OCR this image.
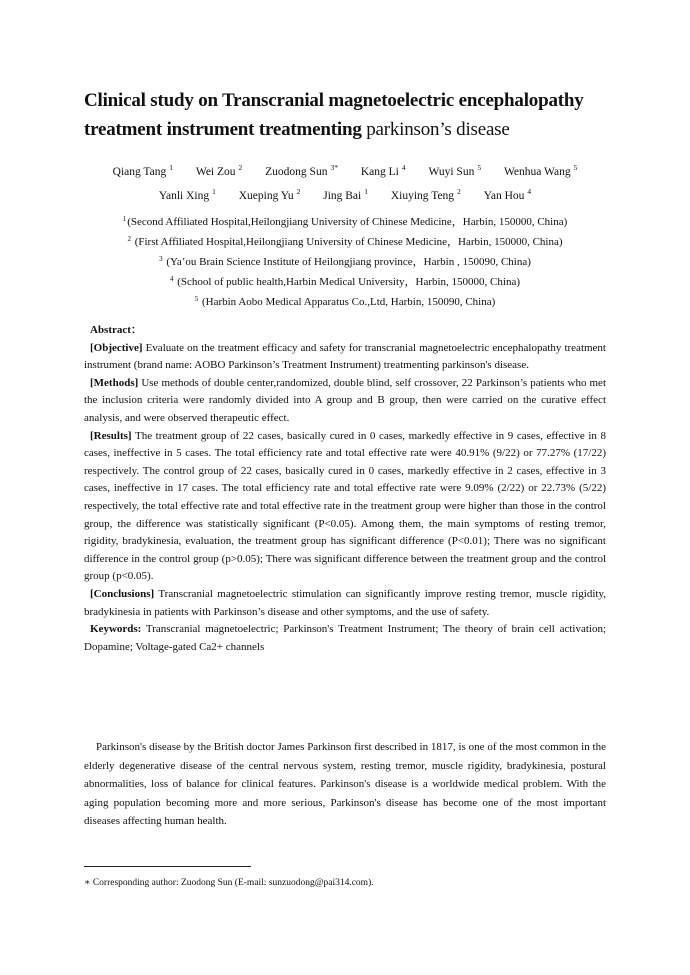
Clinical study on Transcranial magnetoelectric encephalopathy treatment instrument treatmenting parkinson’s disease
Qiang Tang $^1$ Wei Zou $^2$ Zuodong Sun $^{3*}$ Kang Li $^4$ Wuyi Sun $^5$ Wenhua Wang $^5$
Yanli Xing $^1$ Xueping Yu $^2$ Jing Bai $^1$ Xiuying Teng $^2$ Yan Hou $^4$
$^1$(Second Affiliated Hospital,Heilongjiang University of Chinese Medicine，Harbin, 150000, China)
$^2$ (First Affiliated Hospital,Heilongjiang University of Chinese Medicine，Harbin, 150000, China)
$^3$ (Ya’ou Brain Science Institute of Heilongjiang province，Harbin , 150090, China)
$^4$ (School of public health,Harbin Medical University，Harbin, 150000, China)
$^5$ (Harbin Aobo Medical Apparatus Co.,Ltd, Harbin, 150090, China)

Abstract：

[Objective] Evaluate on the treatment efficacy and safety for transcranial magnetoelectric encephalopathy treatment instrument (brand name: AOBO Parkinson’s Treatment Instrument) treatmenting parkinson's disease.

[Methods] Use methods of double center,randomized, double blind, self crossover, 22 Parkinson’s patients who met the inclusion criteria were randomly divided into A group and B group, then were carried on the curative effect analysis, and were observed therapeutic effect.

[Results] The treatment group of 22 cases, basically cured in 0 cases, markedly effective in 9 cases, effective in 8 cases, ineffective in 5 cases. The total efficiency rate and total effective rate were 40.91% (9/22) or 77.27% (17/22) respectively. The control group of 22 cases, basically cured in 0 cases, markedly effective in 2 cases, effective in 3 cases, ineffective in 17 cases. The total efficiency rate and total effective rate were 9.09% (2/22) or 22.73% (5/22) respectively, the total effective rate and total effective rate in the treatment group were higher than those in the control group, the difference was statistically significant (P<0.05). Among them, the main symptoms of resting tremor, rigidity, bradykinesia, evaluation, the treatment group has significant difference (P<0.01); There was no significant difference in the control group (p>0.05); There was significant difference between the treatment group and the control group (p<0.05).

[Conclusions] Transcranial magnetoelectric stimulation can significantly improve resting tremor, muscle rigidity, bradykinesia in patients with Parkinson’s disease and other symptoms, and the use of safety.

Keywords: Transcranial magnetoelectric; Parkinson's Treatment Instrument; The theory of brain cell activation; Dopamine; Voltage-gated Ca2+ channels

Parkinson's disease by the British doctor James Parkinson first described in 1817, is one of the most common in the elderly degenerative disease of the central nervous system, resting tremor, muscle rigidity, bradykinesia, postural abnormalities, loss of balance for clinical features. Parkinson's disease is a worldwide medical problem. With the aging population becoming more and more serious, Parkinson's disease has become one of the most important diseases affecting human health.
∗ Corresponding author: Zuodong Sun (E-mail: sunzuodong@pai314.com).
